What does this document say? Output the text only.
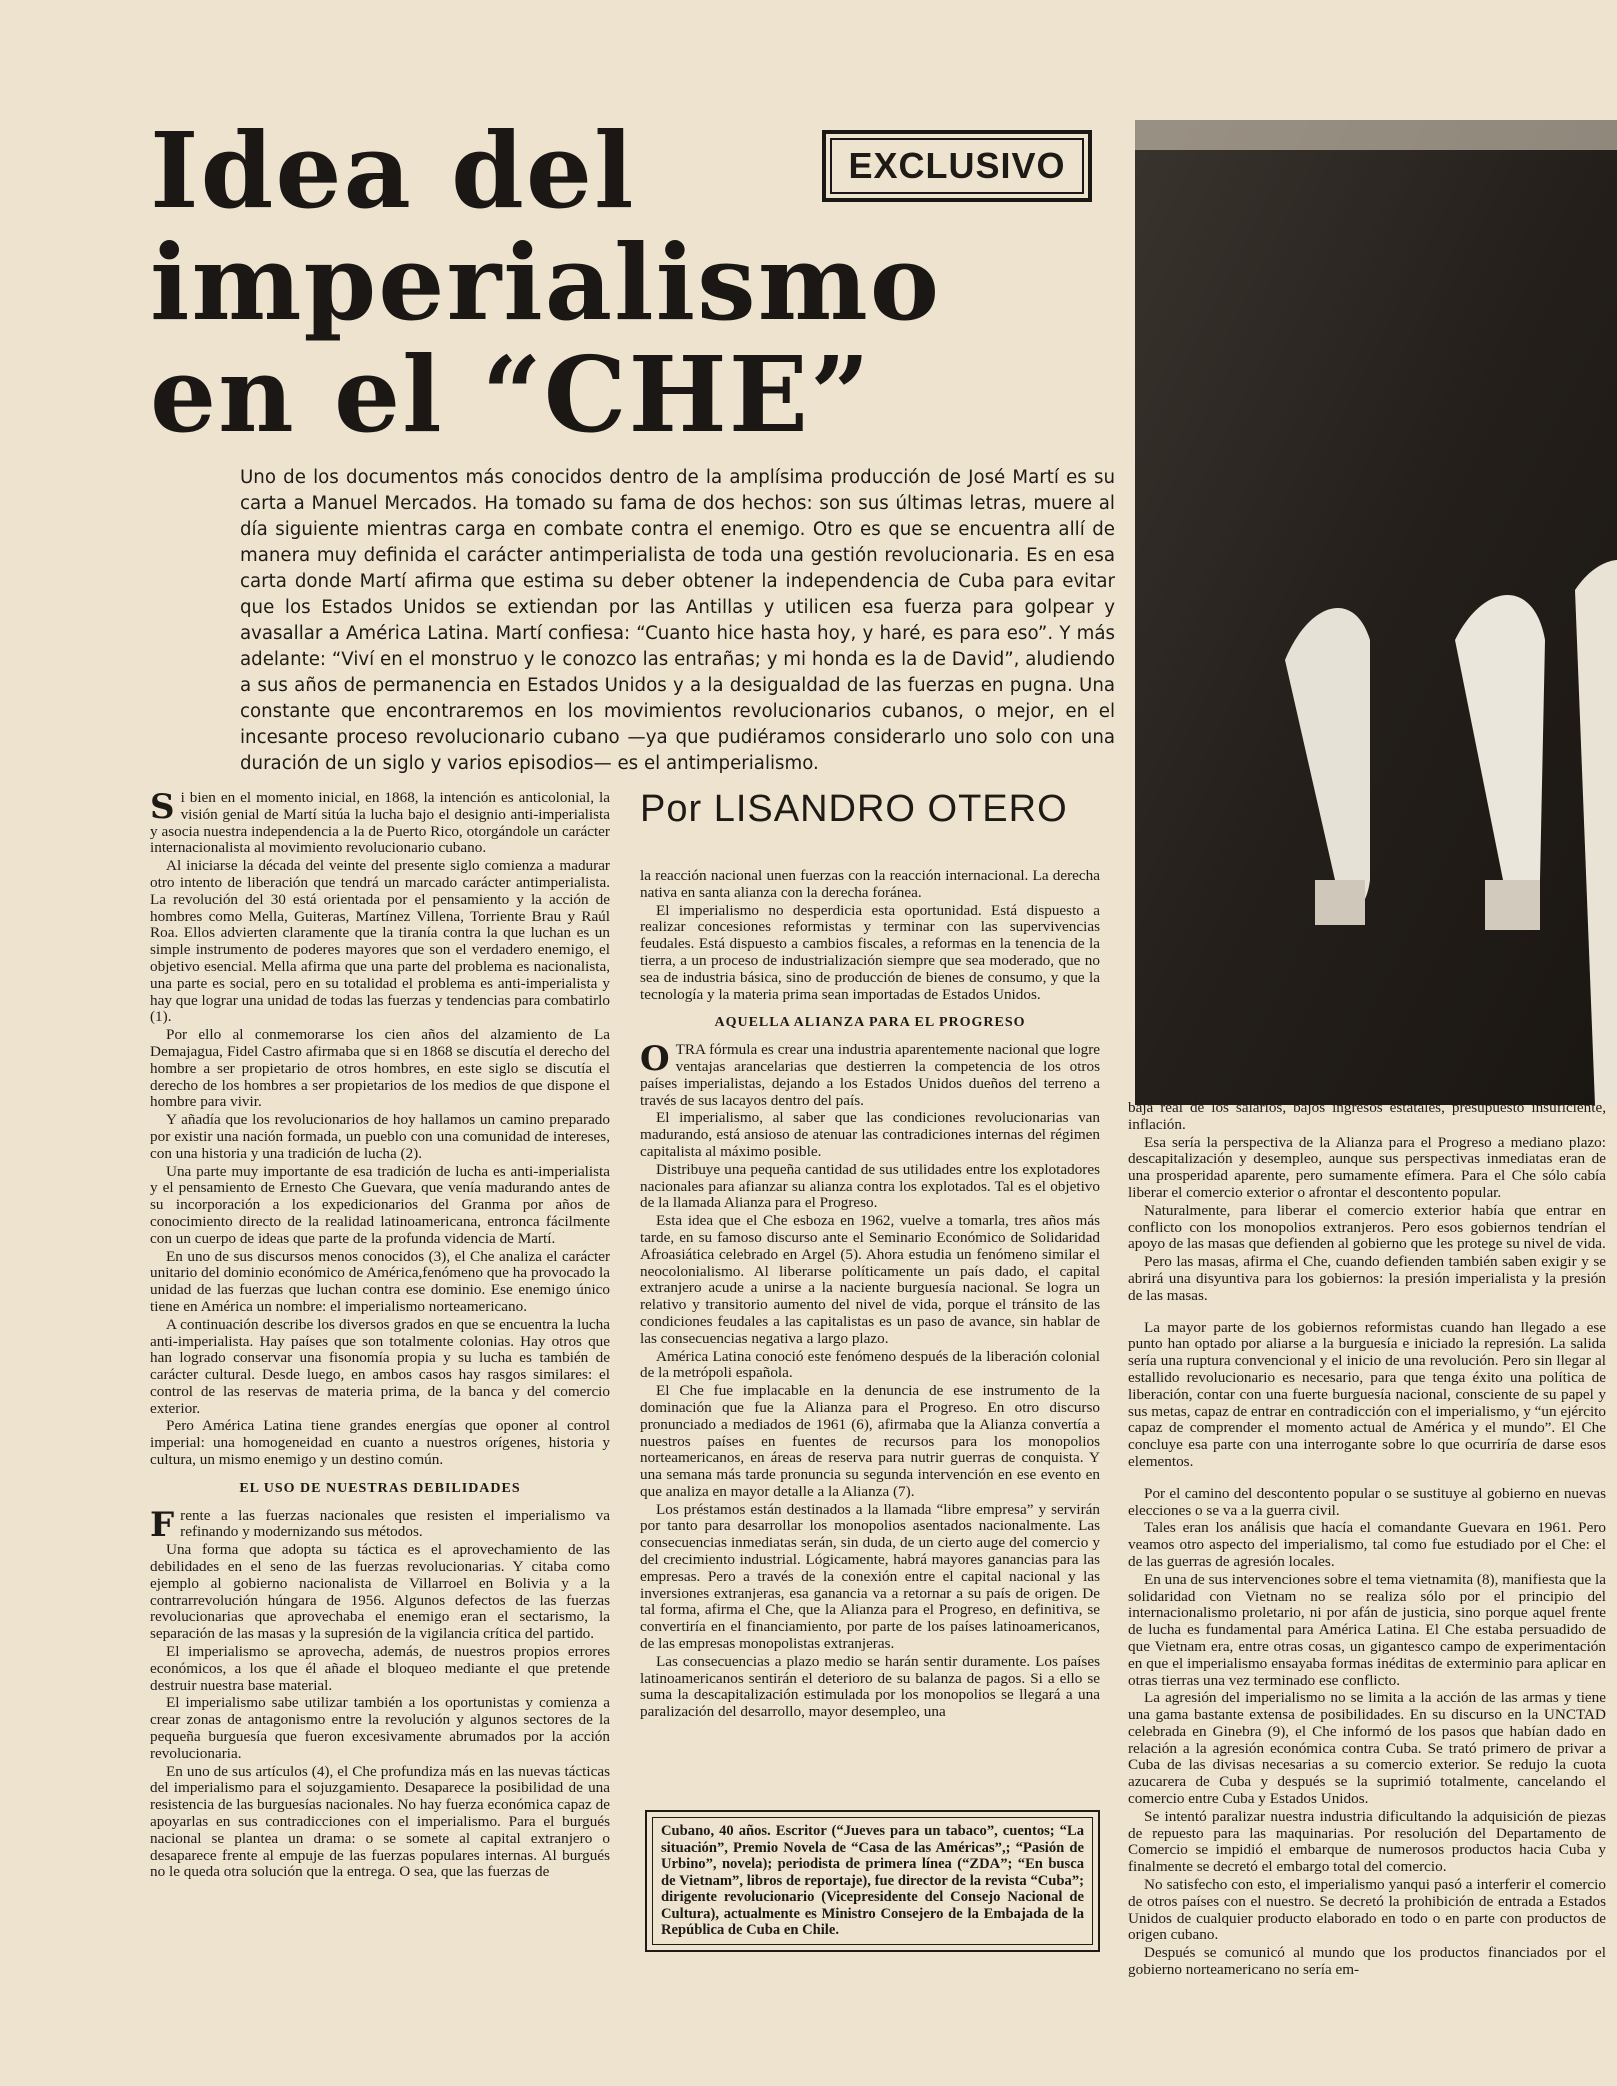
Idea del
imperialismo
en el “CHE”
EXCLUSIVO
Uno de los documentos más conocidos dentro de la amplísima producción de José Martí es su carta a Manuel Mercados. Ha tomado su fama de dos hechos: son sus últimas letras, muere al día siguiente mientras carga en combate contra el enemigo. Otro es que se encuentra allí de manera muy definida el carácter antimperialista de toda una gestión revolucionaria. Es en esa carta donde Martí afirma que estima su deber obtener la independencia de Cuba para evitar que los Estados Unidos se extiendan por las Antillas y utilicen esa fuerza para golpear y avasallar a América Latina. Martí confiesa: “Cuanto hice hasta hoy, y haré, es para eso”. Y más adelante: “Viví en el monstruo y le conozco las entrañas; y mi honda es la de David”, aludiendo a sus años de permanencia en Estados Unidos y a la desigualdad de las fuerzas en pugna. Una constante que encontraremos en los movimientos revolucionarios cubanos, o mejor, en el incesante proceso revolucionario cubano —ya que pudiéramos considerarlo uno solo con una duración de un siglo y varios episodios— es el antimperialismo.
Por LISANDRO OTERO

Si bien en el momento inicial, en 1868, la intención es anticolonial, la visión genial de Martí sitúa la lucha bajo el designio anti-imperialista y asocia nuestra independencia a la de Puerto Rico, otorgándole un carácter internacionalista al movimiento revolucionario cubano.

Al iniciarse la década del veinte del presente siglo comienza a madurar otro intento de liberación que tendrá un marcado carácter antimperialista. La revolución del 30 está orientada por el pensamiento y la acción de hombres como Mella, Guiteras, Martínez Villena, Torriente Brau y Raúl Roa. Ellos advierten claramente que la tiranía contra la que luchan es un simple instrumento de poderes mayores que son el verdadero enemigo, el objetivo esencial. Mella afirma que una parte del problema es nacionalista, una parte es social, pero en su totalidad el problema es anti-imperialista y hay que lograr una unidad de todas las fuerzas y tendencias para combatirlo (1).

Por ello al conmemorarse los cien años del alzamiento de La Demajagua, Fidel Castro afirmaba que si en 1868 se discutía el derecho del hombre a ser propietario de otros hombres, en este siglo se discutía el derecho de los hombres a ser propietarios de los medios de que dispone el hombre para vivir.

Y añadía que los revolucionarios de hoy hallamos un camino preparado por existir una nación formada, un pueblo con una comunidad de intereses, con una historia y una tradición de lucha (2).

Una parte muy importante de esa tradición de lucha es anti-imperialista y el pensamiento de Ernesto Che Guevara, que venía madurando antes de su incorporación a los expedicionarios del Granma por años de conocimiento directo de la realidad latinoamericana, entronca fácilmente con un cuerpo de ideas que parte de la profunda videncia de Martí.

En uno de sus discursos menos conocidos (3), el Che analiza el carácter unitario del dominio económico de América,fenómeno que ha provocado la unidad de las fuerzas que luchan contra ese dominio. Ese enemigo único tiene en América un nombre: el imperialismo norteamericano.

A continuación describe los diversos grados en que se encuentra la lucha anti-imperialista. Hay países que son totalmente colonias. Hay otros que han logrado conservar una fisonomía propia y su lucha es también de carácter cultural. Desde luego, en ambos casos hay rasgos similares: el control de las reservas de materia prima, de la banca y del comercio exterior.

Pero América Latina tiene grandes energías que oponer al control imperial: una homogeneidad en cuanto a nuestros orígenes, historia y cultura, un mismo enemigo y un destino común.

EL USO DE NUESTRAS DEBILIDADES

Frente a las fuerzas nacionales que resisten el imperialismo va refinando y modernizando sus métodos.

Una forma que adopta su táctica es el aprovechamiento de las debilidades en el seno de las fuerzas revolucionarias. Y citaba como ejemplo al gobierno nacionalista de Villarroel en Bolivia y a la contrarrevolución húngara de 1956. Algunos defectos de las fuerzas revolucionarias que aprovechaba el enemigo eran el sectarismo, la separación de las masas y la supresión de la vigilancia crítica del partido.

El imperialismo se aprovecha, además, de nuestros propios errores económicos, a los que él añade el bloqueo mediante el que pretende destruir nuestra base material.

El imperialismo sabe utilizar también a los oportunistas y comienza a crear zonas de antagonismo entre la revolución y algunos sectores de la pequeña burguesía que fueron excesivamente abrumados por la acción revolucionaria.

En uno de sus artículos (4), el Che profundiza más en las nuevas tácticas del imperialismo para el sojuzgamiento. Desaparece la posibilidad de una resistencia de las burguesías nacionales. No hay fuerza económica capaz de apoyarlas en sus contradicciones con el imperialismo. Para el burgués nacional se plantea un drama: o se somete al capital extranjero o desaparece frente al empuje de las fuerzas populares internas. Al burgués no le queda otra solución que la entrega. O sea, que las fuerzas de

la reacción nacional unen fuerzas con la reacción internacional. La derecha nativa en santa alianza con la derecha foránea.

El imperialismo no desperdicia esta oportunidad. Está dispuesto a realizar concesiones reformistas y terminar con las supervivencias feudales. Está dispuesto a cambios fiscales, a reformas en la tenencia de la tierra, a un proceso de industrialización siempre que sea moderado, que no sea de industria básica, sino de producción de bienes de consumo, y que la tecnología y la materia prima sean importadas de Estados Unidos.

AQUELLA ALIANZA PARA EL PROGRESO

OTRA fórmula es crear una industria aparentemente nacional que logre ventajas arancelarias que destierren la competencia de los otros países imperialistas, dejando a los Estados Unidos dueños del terreno a través de sus lacayos dentro del país.

El imperialismo, al saber que las condiciones revolucionarias van madurando, está ansioso de atenuar las contradiciones internas del régimen capitalista al máximo posible.

Distribuye una pequeña cantidad de sus utilidades entre los explotadores nacionales para afianzar su alianza contra los explotados. Tal es el objetivo de la llamada Alianza para el Progreso.

Esta idea que el Che esboza en 1962, vuelve a tomarla, tres años más tarde, en su famoso discurso ante el Seminario Económico de Solidaridad Afroasiática celebrado en Argel (5). Ahora estudia un fenómeno similar el neocolonialismo. Al liberarse políticamente un país dado, el capital extranjero acude a unirse a la naciente burguesía nacional. Se logra un relativo y transitorio aumento del nivel de vida, porque el tránsito de las condiciones feudales a las capitalistas es un paso de avance, sin hablar de las consecuencias negativa a largo plazo.

América Latina conoció este fenómeno después de la liberación colonial de la metrópoli española.

El Che fue implacable en la denuncia de ese instrumento de la dominación que fue la Alianza para el Progreso. En otro discurso pronunciado a mediados de 1961 (6), afirmaba que la Alianza convertía a nuestros países en fuentes de recursos para los monopolios norteamericanos, en áreas de reserva para nutrir guerras de conquista. Y una semana más tarde pronuncia su segunda intervención en ese evento en que analiza en mayor detalle a la Alianza (7).

Los préstamos están destinados a la llamada “libre empresa” y servirán por tanto para desarrollar los monopolios asentados nacionalmente. Las consecuencias inmediatas serán, sin duda, de un cierto auge del comercio y del crecimiento industrial. Lógicamente, habrá mayores ganancias para las empresas. Pero a través de la conexión entre el capital nacional y las inversiones extranjeras, esa ganancia va a retornar a su país de origen. De tal forma, afirma el Che, que la Alianza para el Progreso, en definitiva, se convertiría en el financiamiento, por parte de los países latinoamericanos, de las empresas monopolistas extranjeras.

Las consecuencias a plazo medio se harán sentir duramente. Los países latinoamericanos sentirán el deterioro de su balanza de pagos. Si a ello se suma la descapitalización estimulada por los monopolios se llegará a una paralización del desarrollo, mayor desempleo, una

Cubano, 40 años. Escritor (“Jueves para un tabaco”, cuentos; “La situación”, Premio Novela de “Casa de las Américas”,; “Pasión de Urbino”, novela); periodista de primera línea (“ZDA”; “En busca de Vietnam”, libros de reportaje), fue director de la revista “Cuba”; dirigente revolucionario (Vicepresidente del Consejo Nacional de Cultura), actualmente es Ministro Consejero de la Embajada de la República de Cuba en Chile.

baja real de los salarios, bajos ingresos estatales, presupuesto insuficiente, inflación.

Esa sería la perspectiva de la Alianza para el Progreso a mediano plazo: descapitalización y desempleo, aunque sus perspectivas inmediatas eran de una prosperidad aparente, pero sumamente efímera. Para el Che sólo cabía liberar el comercio exterior o afrontar el descontento popular.

Naturalmente, para liberar el comercio exterior había que entrar en conflicto con los monopolios extranjeros. Pero esos gobiernos tendrían el apoyo de las masas que defienden al gobierno que les protege su nivel de vida.

Pero las masas, afirma el Che, cuando defienden también saben exigir y se abrirá una disyuntiva para los gobiernos: la presión imperialista y la presión de las masas.

La mayor parte de los gobiernos reformistas cuando han llegado a ese punto han optado por aliarse a la burguesía e iniciado la represión. La salida sería una ruptura convencional y el inicio de una revolución. Pero sin llegar al estallido revolucionario es necesario, para que tenga éxito una política de liberación, contar con una fuerte burguesía nacional, consciente de su papel y sus metas, capaz de entrar en contradicción con el imperialismo, y “un ejército capaz de comprender el momento actual de América y el mundo”. El Che concluye esa parte con una interrogante sobre lo que ocurriría de darse esos elementos.

Por el camino del descontento popular o se sustituye al gobierno en nuevas elecciones o se va a la guerra civil.

Tales eran los análisis que hacía el comandante Guevara en 1961. Pero veamos otro aspecto del imperialismo, tal como fue estudiado por el Che: el de las guerras de agresión locales.

En una de sus intervenciones sobre el tema vietnamita (8), manifiesta que la solidaridad con Vietnam no se realiza sólo por el principio del internacionalismo proletario, ni por afán de justicia, sino porque aquel frente de lucha es fundamental para América Latina. El Che estaba persuadido de que Vietnam era, entre otras cosas, un gigantesco campo de experimentación en que el imperialismo ensayaba formas inéditas de exterminio para aplicar en otras tierras una vez terminado ese conflicto.

La agresión del imperialismo no se limita a la acción de las armas y tiene una gama bastante extensa de posibilidades. En su discurso en la UNCTAD celebrada en Ginebra (9), el Che informó de los pasos que habían dado en relación a la agresión económica contra Cuba. Se trató primero de privar a Cuba de las divisas necesarias a su comercio exterior. Se redujo la cuota azucarera de Cuba y después se la suprimió totalmente, cancelando el comercio entre Cuba y Estados Unidos.

Se intentó paralizar nuestra industria dificultando la adquisición de piezas de repuesto para las maquinarias. Por resolución del Departamento de Comercio se impidió el embarque de numerosos productos hacia Cuba y finalmente se decretó el embargo total del comercio.

No satisfecho con esto, el imperialismo yanqui pasó a interferir el comercio de otros países con el nuestro. Se decretó la prohibición de entrada a Estados Unidos de cualquier producto elaborado en todo o en parte con productos de origen cubano.

Después se comunicó al mundo que los productos financiados por el gobierno norteamericano no sería em-
